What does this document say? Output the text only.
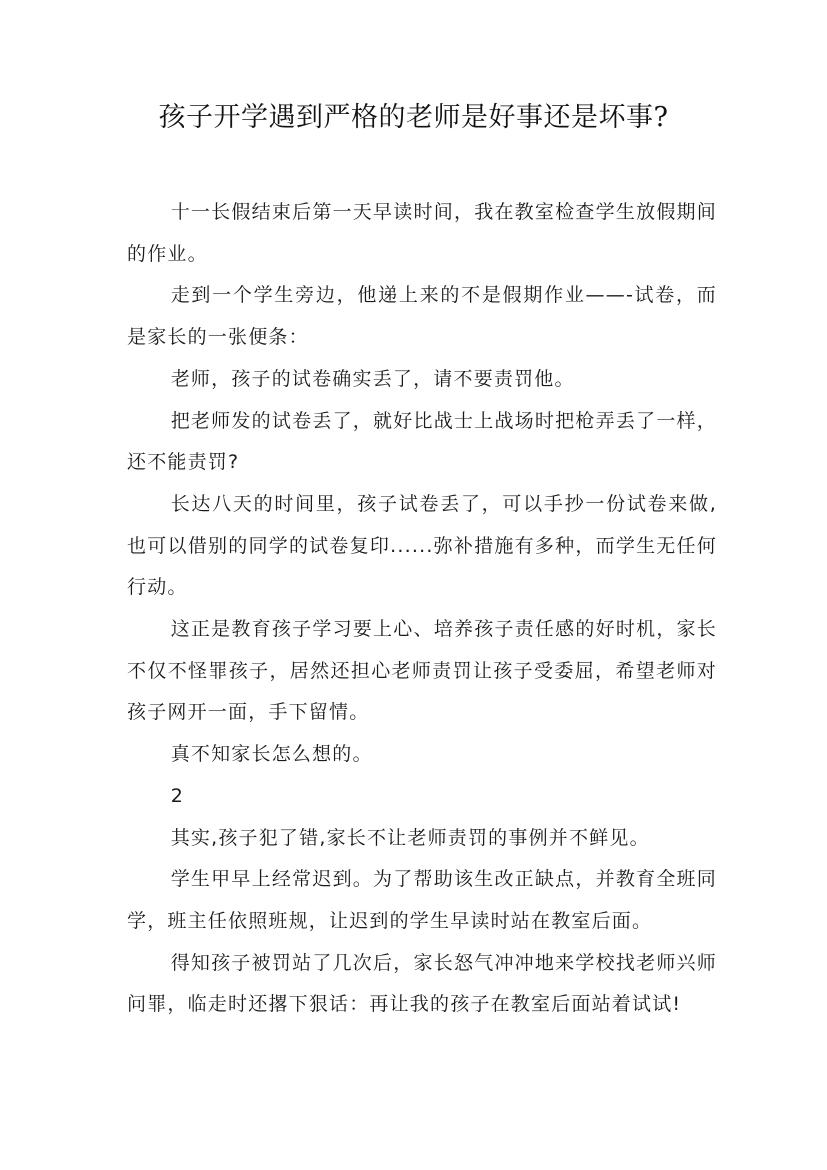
孩子开学遇到严格的老师是好事还是坏事?

十一长假结束后第一天早读时间，我在教室检查学生放假期间的作业。

走到一个学生旁边，他递上来的不是假期作业——-试卷，而是家长的一张便条：

老师，孩子的试卷确实丢了，请不要责罚他。

把老师发的试卷丢了，就好比战士上战场时把枪弄丢了一样，还不能责罚?

长达八天的时间里，孩子试卷丢了，可以手抄一份试卷来做,也可以借别的同学的试卷复印......弥补措施有多种，而学生无任何行动。

这正是教育孩子学习要上心、培养孩子责任感的好时机，家长不仅不怪罪孩子，居然还担心老师责罚让孩子受委屈，希望老师对孩子网开一面，手下留情。

真不知家长怎么想的。

2

其实,孩子犯了错,家长不让老师责罚的事例并不鲜见。

学生甲早上经常迟到。为了帮助该生改正缺点，并教育全班同学，班主任依照班规，让迟到的学生早读时站在教室后面。

得知孩子被罚站了几次后，家长怒气冲冲地来学校找老师兴师问罪，临走时还撂下狠话：再让我的孩子在教室后面站着试试!
